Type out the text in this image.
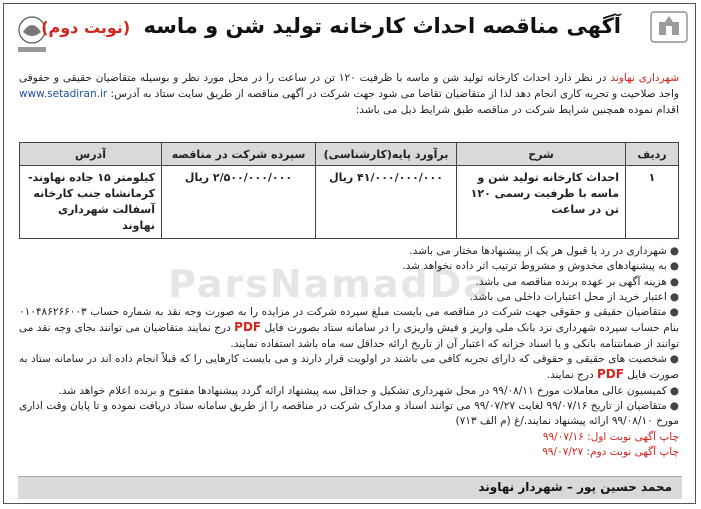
آگهی مناقصه احداث کارخانه تولید شن و ماسه (نوبت دوم)
شهرداری نهاوند در نظر دارد احداث کارخانه تولید شن و ماسه با ظرفیت ۱۲۰ تن در ساعت را در محل مورد نظر و بوسیله متقاضیان حقیقی و حقوقی واجد صلاحیت و تجربه کاری انجام دهد لذا از متقاضیان تقاضا می شود جهت شرکت در آگهی مناقصه از طریق سایت ستاد به آدرس: www.setadiran.ir اقدام نموده همچنین شرایط شرکت در مناقصه طبق شرایط ذیل می باشد:
ردیف	شرح	برآورد پایه(کارشناسی)	سپرده شرکت در مناقصه	آدرس
۱	احداث کارخانه تولید شن و ماسه با ظرفیت رسمی ۱۲۰ تن در ساعت	۴۱/۰۰۰/۰۰۰/۰۰۰ ریال	۲/۵۰۰/۰۰۰/۰۰۰ ریال	کیلومتر ۱۵ جاده نهاوند- کرمانشاه جنب کارخانه آسفالت شهرداری نهاوند
ParsNamadDa
●شهرداری در رد یا قبول هر یک از پیشنهادها مختار می باشد.
●به پیشنهادهای مخدوش و مشروط ترتیب اثر داده نخواهد شد.
●هزینه آگهی بر عهده برنده مناقصه می باشد.
●اعتبار خرید از محل اعتبارات داخلی می باشد.
●متقاضیان حقیقی و حقوقی جهت شرکت در مناقصه می بایست مبلغ سپرده شرکت در مزایده را به صورت وجه نقد به شماره حساب ۰۱۰۴۸۶۲۶۶۰۰۳ بنام حساب سپرده شهرداری نزد بانک ملی واریز و فیش واریزی را در سامانه ستاد بصورت فایل PDF درج نمایند متقاضیان می توانند بجای وجه نقد می توانند از ضمانتنامه بانکی و یا اسناد خزانه که اعتبار آن از تاریخ ارائه حداقل سه ماه باشد استفاده نمایند.
●شخصیت های حقیقی و حقوقی که دارای تجربه کافی می باشند در اولویت قرار دارند و می بایست کارهایی را که قبلاً انجام داده اند در سامانه ستاد به صورت فایل PDF درج نمایند.
●کمیسیون عالی معاملات مورخ ۹۹/۰۸/۱۱ در محل شهرداری تشکیل و جداقل سه پیشنهاد ارائه گردد پیشنهادها مفتوح و برنده اعلام خواهد شد.
●متقاضیان از تاریخ ۹۹/۰۷/۱۶ لغایت ۹۹/۰۷/۲۷ می توانند اسناد و مدارک شرکت در مناقصه را از طریق سامانه ستاد دریافت نموده و تا پایان وقت اداری مورخ ۹۹/۰۸/۱۰ ارائه پیشنهاد نمایند./غ (م الف ۷۱۳)
چاپ آگهی نوبت اول: ۹۹/۰۷/۱۶
چاپ آگهی نوبت دوم: ۹۹/۰۷/۲۷
محمد حسین پور – شهردار نهاوند
